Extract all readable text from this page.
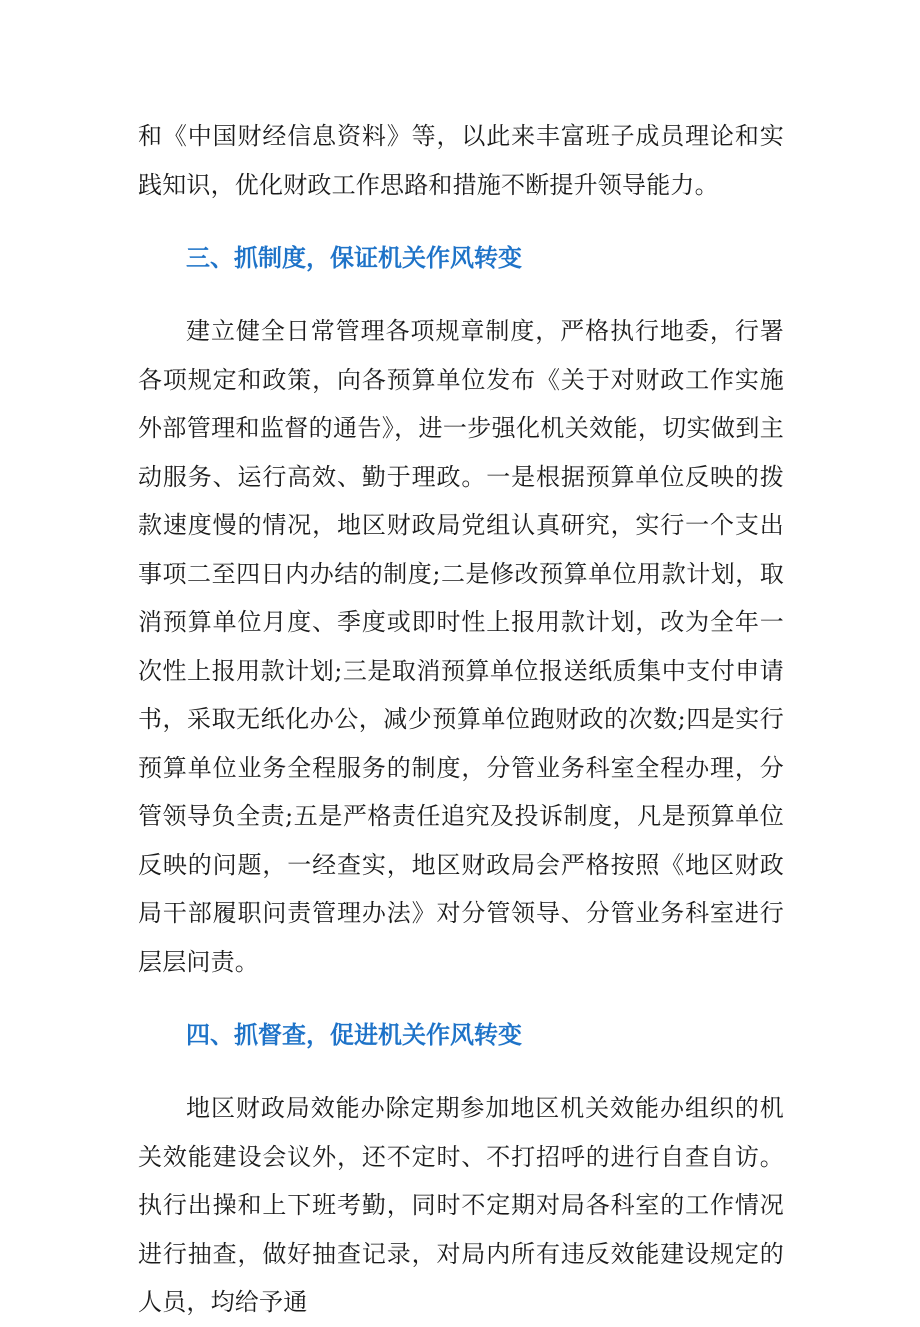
和《中国财经信息资料》等，以此来丰富班子成员理论和实践知识，优化财政工作思路和措施不断提升领导能力。

三、抓制度，保证机关作风转变

建立健全日常管理各项规章制度，严格执行地委，行署各项规定和政策，向各预算单位发布《关于对财政工作实施外部管理和监督的通告》，进一步强化机关效能，切实做到主动服务、运行高效、勤于理政。一是根据预算单位反映的拨款速度慢的情况，地区财政局党组认真研究，实行一个支出事项二至四日内办结的制度;二是修改预算单位用款计划，取消预算单位月度、季度或即时性上报用款计划，改为全年一次性上报用款计划;三是取消预算单位报送纸质集中支付申请书，采取无纸化办公，减少预算单位跑财政的次数;四是实行预算单位业务全程服务的制度，分管业务科室全程办理，分管领导负全责;五是严格责任追究及投诉制度，凡是预算单位反映的问题，一经查实，地区财政局会严格按照《地区财政局干部履职问责管理办法》对分管领导、分管业务科室进行层层问责。

四、抓督查，促进机关作风转变

地区财政局效能办除定期参加地区机关效能办组织的机关效能建设会议外，还不定时、不打招呼的进行自查自访。执行出操和上下班考勤，同时不定期对局各科室的工作情况进行抽查，做好抽查记录，对局内所有违反效能建设规定的人员，均给予通
